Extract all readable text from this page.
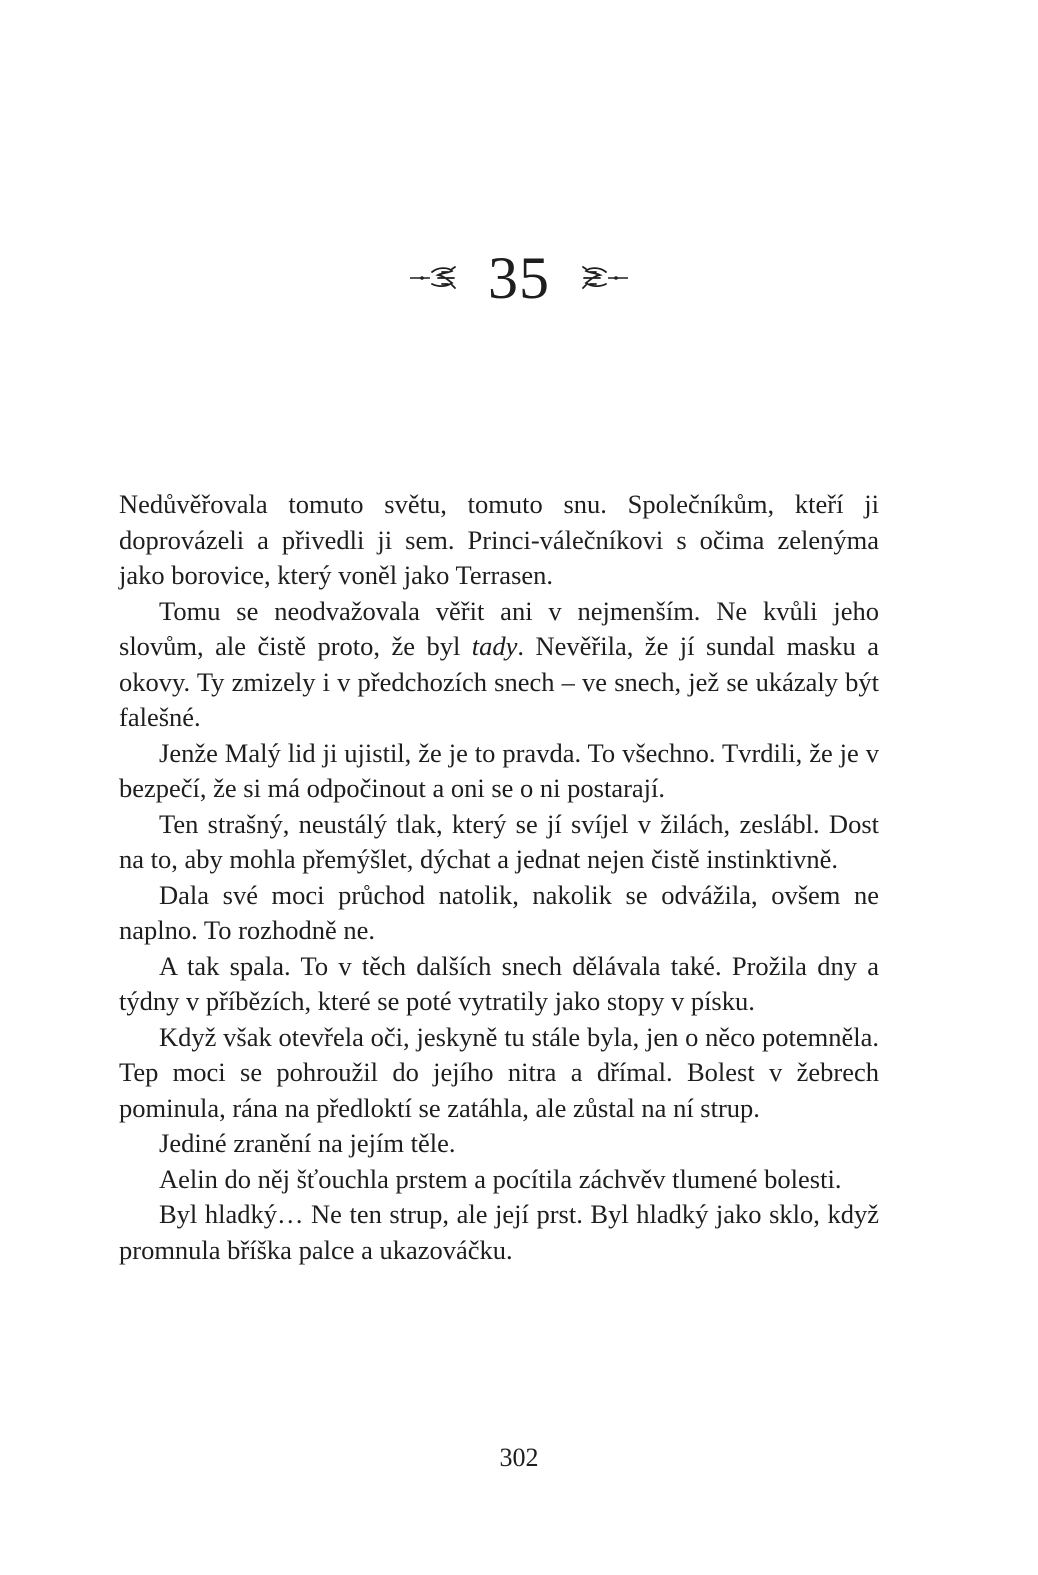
35

Nedůvěřovala tomuto světu, tomuto snu. Společníkům, kteří ji doprovázeli a přivedli ji sem. Princi-válečníkovi s očima zelenýma jako borovice, který voněl jako Terrasen.

Tomu se neodvažovala věřit ani v nejmenším. Ne kvůli jeho slovům, ale čistě proto, že byl tady. Nevěřila, že jí sundal masku a okovy. Ty zmizely i v předchozích snech – ve snech, jež se ukázaly být falešné.

Jenže Malý lid ji ujistil, že je to pravda. To všechno. Tvrdili, že je v bezpečí, že si má odpočinout a oni se o ni postarají.

Ten strašný, neustálý tlak, který se jí svíjel v žilách, zeslábl. Dost na to, aby mohla přemýšlet, dýchat a jednat nejen čistě instinktivně.

Dala své moci průchod natolik, nakolik se odvážila, ovšem ne naplno. To rozhodně ne.

A tak spala. To v těch dalších snech dělávala také. Prožila dny a týdny v příbězích, které se poté vytratily jako stopy v písku.

Když však otevřela oči, jeskyně tu stále byla, jen o něco potemněla. Tep moci se pohroužil do jejího nitra a dřímal. Bolest v žebrech pominula, rána na předloktí se zatáhla, ale zůstal na ní strup.

Jediné zranění na jejím těle.

Aelin do něj šťouchla prstem a pocítila záchvěv tlumené bolesti.

Byl hladký… Ne ten strup, ale její prst. Byl hladký jako sklo, když promnula bříška palce a ukazováčku.

302
